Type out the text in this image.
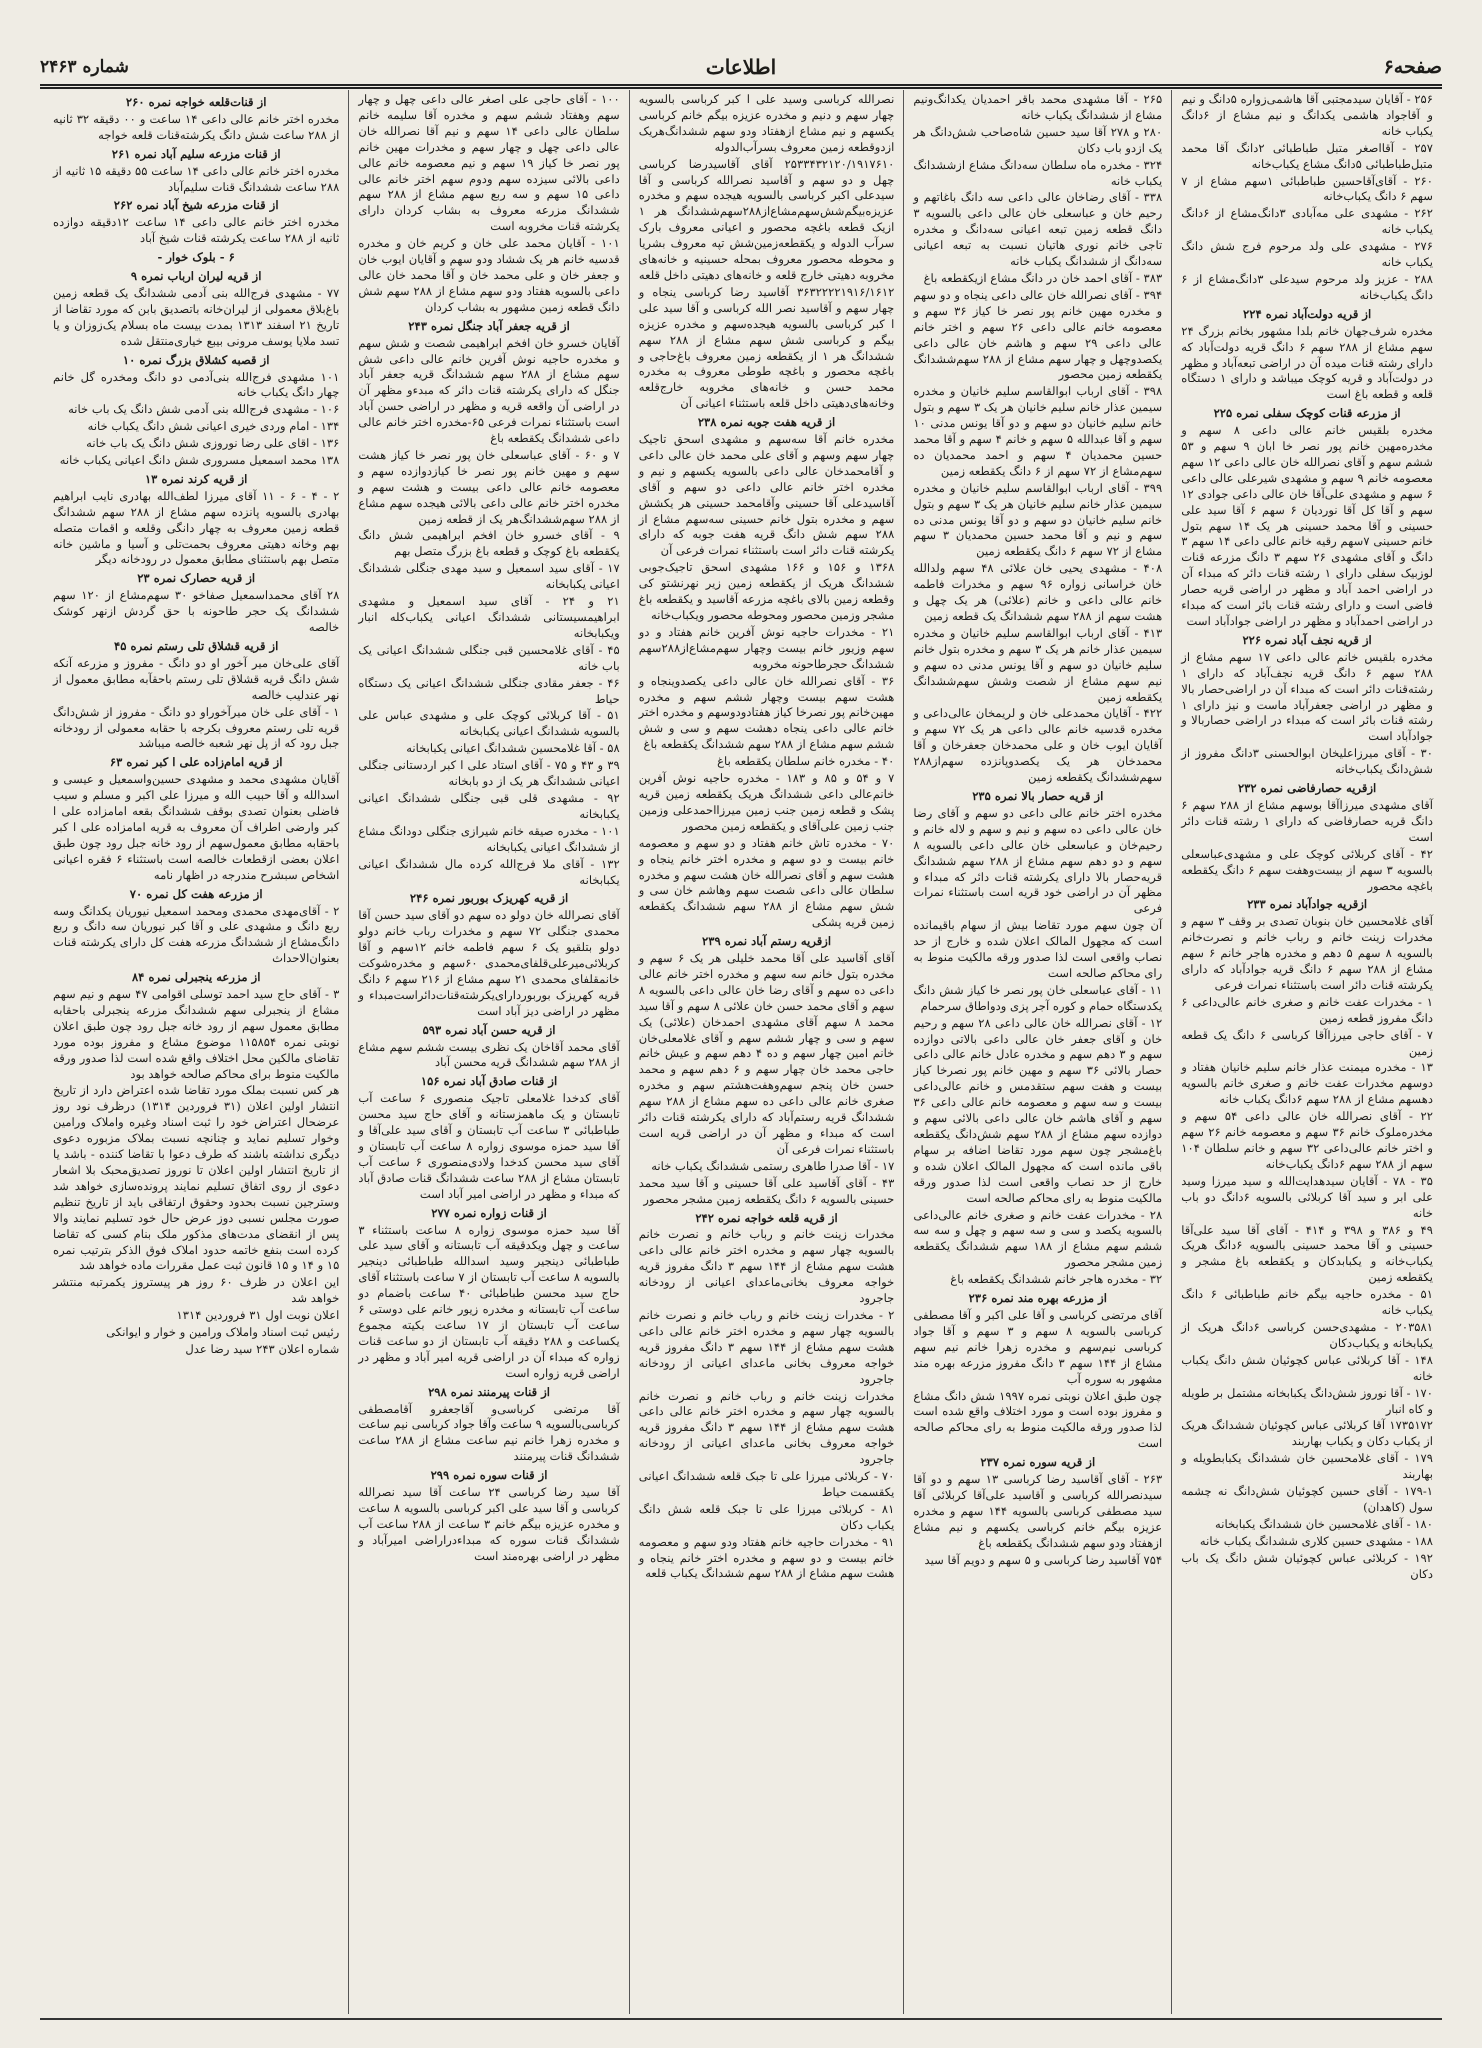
شماره ۲۴۶۳	اطلاعات	صفحه۶

۲۵۶ - آقایان سیدمجتبی آقا هاشمی‌زواره ۵دانگ و نیم و آقاجواد هاشمی یکدانگ و نیم مشاع از ۶دانگ یکباب خانه

۲۵۷ - آقااصغر متبل طباطبائی ۲دانگ آقا محمد متبل‌طباطبائی ۵دانگ مشاع یکباب‌خانه

۲۶۰ - آقای‌آقاحسین طباطبائی ۱سهم مشاع از ۷ سهم ۶ دانگ یکباب‌خانه

۲۶۲ - مشهدی علی مه‌آبادی ۳دانگ‌مشاع از ۶دانگ یکباب خانه

۲۷۶ - مشهدی علی ولد مرحوم فرج شش دانگ یکباب خانه

۲۸۸ - عزیز ولد مرحوم سیدعلی ۳دانگ‌مشاع از ۶ دانگ یکباب‌خانه

از قریه دولت‌آباد نمره ۲۲۴

مخدره شرف‌جهان خانم بلدا مشهور بخانم بزرگ ۲۴ سهم مشاع از ۲۸۸ سهم ۶ دانگ قریه دولت‌آباد که دارای رشته قنات میده آن در اراضی تبعه‌آباد و مظهر در دولت‌آباد و قریه کوچک میباشد و دارای ۱ دستگاه قلعه و قطعه باغ است

از مزرعه قنات کوچک سفلی نمره ۲۲۵

مخدره بلقیس خانم عالی داعی ۸ سهم و مخدره‌مهین خانم پور نصر خا ابان ۹ سهم و ۵۳ ششم سهم و آقای نصرالله خان عالی داعی ۱۲ سهم معصومه خانم ۹ سهم و مشهدی شیرعلی عالی داعی ۶ سهم و مشهدی علی‌آقا خان عالی داعی جوادی ۱۲ سهم و آقا کل آقا نوردیان ۶ سهم ۶ آقا سید علی حسینی و آقا محمد حسینی هر یک ۱۴ سهم بتول خانم حسینی ۷سهم رقیه خانم عالی داعی ۱۴ سهم ۳ دانگ و آقای مشهدی ۲۶ سهم ۳ دانگ مزرعه قنات لوزبیک سفلی دارای ۱ رشته قنات دائر که مبداء آن در اراضی احمد آباد و مظهر در اراضی قریه حصار فاضی است و دارای رشته قنات بائر است که مبداء در اراضی احمدآباد و مظهر در اراضی جوادآباد است

از قریه نجف آباد نمره ۲۲۶

مخدره بلقیس خانم عالی داعی ۱۷ سهم مشاع از ۲۸۸ سهم ۶ دانگ قریه نجف‌آباد که دارای ۱ رشته‌قنات دائر است که مبداء آن در اراضی‌حصار بالا و مظهر در اراضی جعفرآباد ماست و نیز دارای ۱ رشته قنات بائر است که مبداء در اراضی حصاربالا و جوادآباد است

۳۰ - آقای میرزاعلیخان ابوالحسنی ۳دانگ مفروز از شش‌دانگ یکباب‌خانه

ازقریه حصارفاضی نمره ۲۳۲

آقای مشهدی میرزاآقا بوسهم مشاع از ۲۸۸ سهم ۶ دانگ قریه حصارفاضی که دارای ۱ رشته قنات دائر است

۴۲ - آقای کربلائی کوچک علی و مشهدی‌عباسعلی بالسویه ۳ سهم از بیست‌وهفت سهم ۶ دانگ یکقطعه باغچه محصور

ازقریه جوادآباد نمره ۲۳۳

آقای غلامحسین خان بنوبان تصدی بر وقف ۳ سهم و مخدرات زینت خانم و رباب خانم و نصرت‌خانم بالسویه ۸ سهم ۵ دهم و مخدره هاجر خانم ۶ سهم مشاع از ۲۸۸ سهم ۶ دانگ قریه جوادآباد که دارای یکرشته قنات دائر است باستثناء نمرات فرعی

۱ - مخدرات عفت خانم و صغری خانم عالی‌داعی ۶ دانگ مفروز قطعه زمین

۷ - آقای حاجی میرزاآقا کرباسی ۶ دانگ یک قطعه زمین

۱۳ - مخدره میمنت عذار خانم سلیم خانیان هفتاد و دوسهم مخدرات عفت خانم و صغری خانم بالسویه دهسهم مشاع از ۲۸۸ سهم ۶دانگ یکباب خانه

۲۲ - آقای نصرالله خان عالی داعی ۵۴ سهم و مخدره‌ملوک خانم ۳۶ سهم و معصومه خانم ۲۶ سهم و اختر خانم عالی‌داعی ۳۲ سهم و خانم سلطان ۱۰۴ سهم از ۲۸۸ سهم ۶دانگ یکباب‌خانه

۳۵ - ۷۸ - آقایان سیدهدایت‌الله و سید میرزا وسید علی ابر و سید آقا کربلائی بالسویه ۶دانگ دو باب خانه

۴۹ و ۳۸۶ و ۳۹۸ و ۴۱۴ - آقای آقا سید علی‌آقا حسینی و آقا محمد حسینی بالسویه ۶دانگ هریک یکباب‌خانه و یکبابدکان و یکقطعه باغ مشجر و یکقطعه زمین

۵۱ - مخدره حاجیه بیگم خانم طباطبائی ۶ دانگ یکباب خانه

۲۰۳۵۸۱ - مشهدی‌حسن کرباسی ۶دانگ هریک از یکبابخانه و یکباب‌دکان

۱۴۸ - آقا کربلائی عباس کچوئیان شش دانگ یکباب خانه

۱۷۰ - آقا نوروز شش‌دانگ یکبابخانه مشتمل بر طویله و کاه انبار

۱۷۳۵۱۷۲ آقا کربلائی عباس کچوئیان ششدانگ هریک از یکباب دکان و یکباب بهاربند

۱۷۹ - آقای غلامحسین خان ششدانگ یکبابطویله و بهاربند

۱۷۹-۱ - آقای حسین کچوئیان شش‌دانگ نه چشمه سول (کاهدان)

۱۸۰ - آقای غلامحسین خان ششدانگ یکبابخانه

۱۸۸ - مشهدی حسین کلاری ششدانگ یکباب خانه

۱۹۲ - کربلائی عباس کچوئیان شش دانگ یک باب دکان

۲۶۵ - آقا مشهدی محمد باقر احمدیان یکدانگ‌ونیم مشاع از ششدانگ یکباب خانه

۲۸۰ و ۲۷۸ آقا سید حسین شاه‌صاحب شش‌دانگ هر یک ازدو باب دکان

۳۲۴ - مخدره ماه سلطان سه‌دانگ مشاع ازششدانگ یکباب خانه

۳۳۸ - آقای رضاخان عالی داعی سه دانگ باغاتهم و رحیم خان و عباسعلی خان عالی داعی بالسویه ۳ دانگ قطعه زمین تبعه اعیانی سه‌دانگ و مخدره تاجی خانم نوری هاتیان نسبت به تبعه اعیانی سه‌دانگ از ششدانگ یکباب خانه

۳۸۳ - آقای احمد خان در دانگ مشاع ازیکقطعه باغ

۳۹۴ - آقای نصرالله خان عالی داعی ینجاه و دو سهم و مخدره مهین خانم پور نصر خا کیاز ۳۶ سهم و معصومه خانم عالی داعی ۲۶ سهم و اختر خانم عالی داعی ۲۹ سهم و هاشم خان عالی داعی یکصدوچهل و چهار سهم مشاع از ۲۸۸ سهم‌ششدانگ یکقطعه زمین محصور

۳۹۸ - آقای ارباب ابوالقاسم سلیم خانیان و مخدره سیمین عذار خانم سلیم خانیان هر یک ۳ سهم و بتول خانم سلیم خانیان دو سهم و دو آقا یونس مدنی ۱۰ سهم و آقا عبدالله ۵ سهم و خانم ۴ سهم و آقا محمد حسین محمدیان ۴ سهم و احمد محمدیان ده سهم‌مشاع از ۷۲ سهم از ۶ دانگ یکقطعه زمین

۳۹۹ - آقای ارباب ابوالقاسم سلیم خانیان و مخدره سیمین عذار خانم سلیم خانیان هر یک ۳ سهم و بتول خانم سلیم خانیان دو سهم و دو آقا یونس مدنی ده سهم و نیم و آقا محمد حسین محمدیان ۳ سهم مشاع از ۷۲ سهم ۶ دانگ یکقطعه زمین

۴۰۸ - مشهدی یحیی خان علائی ۴۸ سهم ولدالله خان خراسانی زواره ۹۶ سهم و مخدرات فاطمه خانم عالی داعی و خانم (علائی) هر یک چهل و هشت سهم از ۲۸۸ سهم ششدانگ یک قطعه زمین

۴۱۳ - آقای ارباب ابوالقاسم سلیم خانیان و مخدره سیمین عذار خانم هر یک ۳ سهم و مخدره بتول خانم سلیم خانیان دو سهم و آقا یونس مدنی ده سهم و نیم سهم مشاع از شصت وشش سهم‌ششدانگ یکقطعه زمین

۴۲۲ - آقایان محمدعلی خان و لریمخان عالی‌داعی و مخدره قدسیه خانم عالی داعی هر یک ۷۲ سهم و آقایان ایوب خان و علی محمدخان جعفرخان و آقا محمدخان هر یک یکصدوپانزده سهم‌از۲۸۸ سهم‌ششدانگ یکقطعه زمین

از قریه حصار بالا نمره ۲۳۵

مخدره اختر خانم عالی داعی دو سهم و آقای رضا خان عالی داعی ده سهم و نیم و سهم و لاله خانم و رحیم‌خان و عباسعلی خان عالی داعی بالسویه ۸ سهم و دو دهم سهم مشاع از ۲۸۸ سهم ششدانگ قریه‌حصار بالا دارای یکرشته قنات دائر که مبداء و مظهر آن در اراضی خود قریه است باستثناء نمرات فرعی

آن چون سهم مورد تقاضا بیش از سهام باقیمانده است که مجهول المالک اعلان شده و خارج از حد نصاب واقعی است لذا صدور ورقه مالکیت منوط به رای محاکم صالحه است

۱۱ - آقای عباسعلی خان پور نصر خا کیاز شش دانگ یکدستگاه حمام و کوره آجر پزی ودواطاق سرحمام

۱۲ - آقای نصرالله خان عالی داعی ۲۸ سهم و رحیم خان و آقای جعفر خان عالی داعی بالاتی دوازده سهم و ۳ دهم سهم و مخدره عادل خانم عالی داعی حصار بالائی ۳۶ سهم و مهین خانم پور نصرخا کیاز بیست و هفت سهم ستقدمس و خانم عالی‌داعی بیست و سه سهم و معصومه خانم عالی داعی ۳۶ سهم و آقای هاشم خان عالی داعی بالائی سهم و دوازده سهم مشاع از ۲۸۸ سهم شش‌دانگ یکقطعه باغ‌مشجر چون سهم مورد تقاضا اضافه بر سهام باقی مانده است که مجهول المالک اعلان شده و خارج از حد نصاب واقعی است لذا صدور ورقه مالکیت منوط به رای محاکم صالحه است

۲۸ - مخدرات عفت خانم و صغری خانم عالی‌داعی بالسویه یکصد و سی و سه سهم و چهل و سه سه ششم سهم مشاع از ۱۸۸ سهم ششدانگ یکقطعه زمین مشجر محصور

۳۲ - مخدره هاجر خانم ششدانگ یکقطعه باغ

از مزرعه بهره مند نمره ۲۳۶

آقای مرتضی کرباسی و آقا علی اکبر و آقا مصطفی کرباسی بالسویه ۸ سهم و ۳ سهم و آقا جواد کرباسی نیم‌سهم و مخدره زهرا خانم نیم سهم مشاع از ۱۴۴ سهم ۳ دانگ مفروز مزرعه بهره مند مشهور به سوره آب

چون طبق اعلان نوبتی نمره ۱۹۹۷ شش دانگ مشاع و مفروز بوده است و مورد اختلاف واقع شده است لذا صدور ورقه مالکیت منوط به رای محاکم صالحه است

از قریه سوره نمره ۲۳۷

۲۶۳ - آقای آقاسید رضا کرباسی ۱۳ سهم و دو آقا سیدنصرالله کرباسی و آقاسید علی‌آقا کربلائی آقا سید مصطفی کرباسی بالسویه ۱۴۴ سهم و مخدره عزیزه بیگم خانم کرباسی یکسهم و نیم مشاع ازهفتاد ودو سهم ششدانگ یکقطعه باغ

۷۵۴ آقاسید رضا کرباسی و ۵ سهم و دویم آقا سید

نصرالله کرباسی وسید علی ا کبر کرباسی بالسویه چهار سهم و دنیم و مخدره عزیزه بیگم خانم کرباسی یکسهم و نیم مشاع ازهفتاد ودو سهم ششدانگ‌هریک ازدوقطعه زمین معروف بسرآب‌الدوله

۲۵۳۳۴۳۲۱۲۰/۱۹۱۷۶۱۰ آقای آقاسیدرضا کرباسی چهل و دو سهم و آقاسید نصرالله کرباسی و آقا سیدعلی اکبر کرباسی بالسویه هیجده سهم و مخدره عزیزه‌بیگم‌شش‌سهم‌مشاع‌از۲۸۸سهم‌ششدانگ هر ۱ ازیک قطعه باغچه محصور و اعیانی معروف بارک سرآب الدوله و یکقطعه‌زمین‌شش‌ تپه معروف بشریا و محوطه محصور معروف بمحله حسینیه و خانه‌های مخروبه دهیتی خارج قلعه و خانه‌های دهیتی داخل قلعه

۳۶۳۲۲۲۲۱۹۱۶/۱۶۱۲ آقاسید رضا کرباسی ینجاه و چهار سهم و آقاسید نصر الله کرباسی و آقا سید علی ا کبر کرباسی بالسویه هیجده‌سهم و مخدره عزیزه بیگم و کرباسی شش سهم مشاع از ۲۸۸ سهم ششدانگ هر ۱ از یکقطعه زمین معروف باغ‌حاجی و باغچه محصور و باغچه طوطی معروف به مخدره محمد حسن و خانه‌های مخروبه خارج‌قلعه وخانه‌های‌دهیتی داخل قلعه باستثناء اعیانی آن

از قریه هفت جوبه نمره ۲۳۸

مخدره خانم آقا سه‌سهم و مشهدی اسحق تاجیک چهار سهم وسهم و آقای علی محمد خان عالی داعی و آقامحمدخان عالی داعی بالسویه یکسهم و نیم و مخدره اختر خانم عالی داعی دو سهم و آقای آقاسیدعلی آقا حسینی وآقامحمد حسینی هر یکشش سهم و مخدره بتول خانم حسینی سه‌سهم مشاع از ۲۸۸ سهم شش دانگ قریه هفت جوبه که دارای یکرشته قنات دائر است باستثناء نمرات فرعی آن

۱۳۶۸ و ۱۵۶ و ۱۶۶ مشهدی اسحق تاجیک‌جوبی ششدانگ هریک از یکقطعه زمین زیر نهرنشتو کی وقطعه زمین بالای باغچه مزرعه آقاسید و یکقطعه باغ مشجر وزمین محصور ومحوطه محصور ویکباب‌خانه

۲۱ - مخدرات حاجیه نوش آفرین خانم هفتاد و دو سهم وزیور خانم بیست وچهار سهم‌مشاع‌از۲۸۸سهم ششدانگ حجرطاحونه مخروبه

۳۶ - آقای نصرالله خان عالی داعی یکصدوینجاه و هشت سهم بیست وچهار ششم سهم و مخدره مهین‌خانم پور نصرخا کیاز هفتادودوسهم و مخدره اختر خانم عالی داعی ینجاه دهشت سهم و سی و شش ششم سهم مشاع از ۲۸۸ سهم ششدانگ یکقطعه باغ

۴۰ - مخدره خانم سلطان یکقطعه باغ

۷ و ۵۴ و ۸۵ و ۱۸۳ - مخدره حاجیه نوش آفرین خانم‌عالی داعی ششدانگ هریک یکقطعه زمین قریه پشک و قطعه زمین جنب زمین میرزااحمدعلی وزمین جنب زمین علی‌آقای و یکقطعه زمین محصور

۷۰ - مخدره تاش خانم هفتاد و دو سهم و معصومه خانم بیست و دو سهم و مخدره اختر خانم ینجاه و هشت سهم و آقای نصرالله خان هشت سهم و مخدره سلطان عالی داعی شصت سهم وهاشم خان سی و شش سهم مشاع از ۲۸۸ سهم ششدانگ یکقطعه زمین قریه پشکی

ازقریه رستم آباد نمره ۲۳۹

آقای آقاسید علی آقا محمد خلیلی هر یک ۶ سهم و مخدره بتول خانم سه سهم و مخدره اختر خانم عالی داعی ده سهم و آقای رضا خان عالی داعی بالسویه ۸ سهم و آقای محمد حسن خان علائی ۸ سهم و آقا سید محمد ۸ سهم آقای مشهدی احمدخان (علائی) یک سهم و سی و چهار ششم سهم و آقای غلامعلی‌خان خانم امین چهار سهم و ده ۴ دهم سهم و عیش خانم حاجی محمد خان چهار سهم و ۶ دهم سهم و محمد حسن خان پنجم سهم‌وهفت‌هشتم سهم و مخدره صغری خانم عالی داعی ده سهم مشاع از ۲۸۸ سهم ششدانگ قریه رستم‌آباد که دارای یکرشته قنات دائر است که مبداء و مظهر آن در اراضی قریه است باستثناء نمرات فرعی آن

۱۷ - آقا صدرا طاهری رستمی ششدانگ یکباب خانه

۴۳ - آقای آقاسید علی آقا حسینی و آقا سید محمد حسینی بالسویه ۶ دانگ یکقطعه زمین مشجر محصور

از قریه قلعه خواجه نمره ۲۴۲

مخدرات زینت خانم و رباب خانم و نصرت خانم بالسویه چهار سهم و مخدره اختر خانم عالی داعی هشت سهم مشاع از ۱۴۴ سهم ۳ دانگ مفروز قریه خواجه معروف بخانی‌ماعدای اعیانی از رودخانه جاجرود

۲ - مخدرات زینت خانم و رباب خانم و نصرت خانم بالسویه چهار سهم و مخدره اختر خانم عالی داعی هشت سهم مشاع از ۱۴۴ سهم ۳ دانگ مفروز قریه خواجه معروف بخانی ماعدای اعیانی از رودخانه جاجرود

مخدرات زینت خانم و رباب خانم و نصرت خانم بالسویه چهار سهم و مخدره اختر خانم عالی داعی هشت سهم مشاع از ۱۴۴ سهم ۳ دانگ مفروز قریه خواجه معروف بخانی ماعدای اعیانی از رودخانه جاجرود

۷۰ - کربلائی میرزا علی تا جبک قلعه ششدانگ اعیانی یکقسمت حیاط

۸۱ - کربلائی میرزا علی تا جبک قلعه شش دانگ یکباب دکان

۹۱ - مخدرات حاجیه خانم هفتاد ودو سهم و معصومه خانم بیست و دو سهم و مخدره اختر خانم ینجاه و هشت سهم مشاع از ۲۸۸ سهم ششدانگ یکباب قلعه

۱۰۰ - آقای حاجی علی اصغر عالی داعی چهل و چهار سهم وهفتاد ششم سهم و مخدره آقا سلیمه خانم سلطان عالی داعی ۱۴ سهم و نیم آقا نصرالله خان عالی داعی چهل و چهار سهم و مخدرات مهین خانم پور نصر خا کیاز ۱۹ سهم و نیم معصومه خانم عالی داعی بالائی سیزده سهم ودوم سهم اختر خانم عالی داعی ۱۵ سهم و سه ربع سهم مشاع از ۲۸۸ سهم ششدانگ مزرعه معروف به بشاب کردان دارای یکرشته قنات مخروبه است

۱۰۱ - آقایان محمد علی خان و کریم خان و مخدره قدسیه خانم هر یک ششاد ودو سهم و آقایان ایوب خان و جعفر خان و علی محمد خان و آقا محمد خان عالی داعی بالسویه هفتاد ودو سهم مشاع از ۲۸۸ سهم شش دانگ قطعه زمین مشهور به بشاب کردان

از قریه جعفر آباد جنگل نمره ۲۴۳

آقایان خسرو خان افخم ابراهیمی شصت و شش سهم و مخدره حاجیه نوش آفرین خانم عالی داعی شش سهم مشاع از ۲۸۸ سهم ششدانگ قریه جعفر آباد جنگل که دارای یکرشته قنات دائر که مبدءو مظهر آن در اراضی آن واقعه قریه و مظهر در اراضی حسن آباد است باستثناء نمرات فرعی ۶۵-مخدره اختر خانم عالی داعی ششدانگ یکقطعه باغ

۷ و ۶۰ - آقای عباسعلی خان پور نصر خا کیاز هشت سهم و مهین خانم پور نصر خا کیازدوازده سهم و معصومه خانم عالی داعی بیست و هشت سهم و مخدره اختر خانم عالی داعی بالائی هیجده سهم مشاع از ۲۸۸ سهم‌ششدانگ‌هر یک از قطعه زمین

۹ - آقای خسرو خان افخم ابراهیمی شش دانگ یکقطعه باغ کوچک و قطعه باغ بزرگ متصل بهم

۱۷ - آقای سید اسمعیل و سید مهدی جنگلی ششدانگ اعیانی یکبابخانه

۲۱ و ۲۴ - آقای سید اسمعیل و مشهدی ابراهیمسیستانی ششدانگ اعیانی یکباب‌کله انبار ویکبابخانه

۴۵ - آقای غلامحسین قبی جنگلی ششدانگ اعیانی یک باب خانه

۴۶ - جعفر مقادی جنگلی ششدانگ اعیانی یک دستگاه حیاط

۵۱ - آقا کربلائی کوچک علی و مشهدی عباس علی بالسویه ششدانگ اعیانی یکبابخانه

۵۸ - آقا غلامحسین ششدانگ اعیانی یکبابخانه

۳۹ و ۴۳ و ۷۵ - آقای استاد علی ا کبر اردستانی جنگلی اعیانی ششدانگ هر یک از دو بابخانه

۹۲ - مشهدی قلی قبی جنگلی ششدانگ اعیانی یکبابخانه

۱۰۱ - مخدره صیقه خانم شیرازی جنگلی دودانگ مشاع از ششدانگ اعیانی یکبابخانه

۱۳۲ - آقای ملا فرج‌الله کرده مال ششدانگ اعیانی یکبابخانه

از قریه کهریزک بوربور نمره ۲۴۶

آقای نصرالله خان دولو ده سهم دو آقای سید حسن آقا محمدی جنگلی ۷۲ سهم و مخدرات رباب خانم دولو دولو بتلقیو یک ۶ سهم فاطمه خانم ۱۲سهم و آقا کربلائی‌میرعلی‌قلفای‌محمدی ۶۰سهم و مخدره‌شوکت خانمقلفای محمدی ۲۱ سهم مشاع از ۲۱۶ سهم ۶ دانگ قریه کهریزک بوربوردارای‌یکرشته‌قنات‌دائراست‌مبداء و مظهر در اراضی دیز آباد است

از قریه حسن آباد نمره ۵۹۳

آقای محمد آقاخان یک نظری بیست ششم سهم مشاع از ۲۸۸ سهم ششدانگ قریه محسن آباد

از قنات صادق آباد نمره ۱۵۶

آقای کدخدا غلامعلی تاجیک منصوری ۶ ساعت آب تابستان و یک ماهمزستانه و آقای حاج سید محسن طباطبائی ۳ ساعت آب تابستان و آقای سید علی‌آقا و آقا سید حمزه موسوی زواره ۸ ساعت آب تابستان و آقای سید محسن کدخدا ولادی‌منصوری ۶ ساعت آب تابستان مشاع از ۲۸۸ ساعت ششدانگ قنات صادق آباد که مبداء و مظهر در اراضی امیر آباد است

از قنات زواره نمره ۲۷۷

آقا سید حمزه موسوی زواره ۸ ساعت باستثناء ۳ ساعت و چهل ویکدقیقه آب تابستانه و آقای سید علی طباطبائی دینجیر وسید اسدالله طباطبائی دینجیر بالسویه ۸ ساعت آب تابستان از ۷ ساعت باستثناء آقای حاج سید محسن طباطبائی ۴۰ ساعت باضمام دو ساعت آب تابستانه و مخدره زیور خانم علی دوستی ۶ ساعت آب تابستان از ۱۷ ساعت بکیته مجموع یکساعت و ۲۸۸ دقیقه آب تابستان از دو ساعت قنات زواره که مبداء آن در اراضی قریه امیر آباد و مظهر در اراضی قریه زواره است

از قنات پیرمنند نمره ۲۹۸

آقا مرتضی کرباسی‌و آقاجعفرو آقامصطفی کرباسی‌بالسویه ۹ ساعت وآقا جواد کرباسی نیم ساعت و مخدره زهرا خانم نیم ساعت مشاع از ۲۸۸ ساعت ششدانگ قنات پیرمنند

از قنات سوره نمره ۲۹۹

آقا سید رضا کرباسی ۲۴ ساعت آقا سید نصرالله کرباسی و آقا سید علی اکبر کرباسی بالسویه ۸ ساعت و مخدره عزیزه بیگم خانم ۳ ساعت از ۲۸۸ ساعت آب ششدانگ قنات سوره که مبداءدراراضی امیرآباد و مظهر در اراضی بهره‌مند است

از قنات‌قلعه خواجه نمره ۲۶۰

مخدره اختر خانم عالی داعی ۱۴ ساعت و ۰۰ دقیقه ۳۲ ثانیه از ۲۸۸ ساعت شش دانگ یکرشته‌قنات قلعه خواجه

از قنات مزرعه سلیم آباد نمره ۲۶۱

مخدره اختر خانم عالی داعی ۱۴ ساعت ۵۵ دقیقه ۱۵ ثانیه از ۲۸۸ ساعت ششدانگ قنات سلیم‌آباد

از قنات مزرعه شیخ آباد نمره ۲۶۲

مخدره اختر خانم عالی داعی ۱۴ ساعت ۱۲دقیقه دوازده ثانیه از ۲۸۸ ساعت یکرشته قنات شیخ آباد

۶ - بلوک خوار -

از قریه لیران ارباب نمره ۹

۷۷ - مشهدی فرج‌الله بنی آدمی ششدانگ یک قطعه زمین باغ‌بلاق معمولی از لیران‌خانه باتصدیق بابن که مورد تقاضا از تاریخ ۲۱ اسفند ۱۳۱۳ بمدت بیست ماه بسلام یک‌زوزان و یا تسد ملایا یوسف مرونی بیبع خیاری‌منتقل شده

از قصبه کشلاق بزرگ نمره ۱۰

۱۰۱ مشهدی فرج‌الله بنی‌آدمی دو دانگ ومخدره گل خانم چهار دانگ یکباب خانه

۱۰۶ - مشهدی فرج‌الله بنی آدمی شش دانگ یک باب خانه

۱۳۴ - امام وردی خیری اعیانی شش دانگ یکباب خانه

۱۳۶ - اقای علی رضا نوروزی شش دانگ یک باب خانه

۱۳۸ محمد اسمعیل مسروری شش دانگ اعیانی یکباب خانه

از قریه کرند نمره ۱۳

۲ - ۴ - ۶ - ۱۱ آقای میرزا لطف‌الله بهادری نایب ابراهیم بهادری بالسویه پانزده سهم مشاع از ۲۸۸ سهم ششدانگ قطعه زمین معروف به چهار دانگی وقلعه و اقمات متصله بهم وخانه دهیتی معروف بحمت‌تلی و آسیا و ماشین خانه متصل بهم باستثنای مطابق معمول در رودخانه دیگر

از قریه حصارک نمره ۲۳

۲۸ آقای محمداسمعیل صفاخو ۳۰ سهم‌مشاع از ۱۲۰ سهم ششدانگ یک حجر طاحونه با حق گردش ازنهر کوشک خالصه

از قریه قشلاق تلی رستم نمره ۴۵

آقای علی‌خان میر آخور او دو دانگ - مفروز و مزرعه آنکه شش دانگ قریه قشلاق تلی رستم باحقآبه مطابق معمول از نهر عندلیب خالصه

۱ - آقای علی خان میرآخوراو دو دانگ - مفروز از شش‌دانگ قریه تلی رستم معروف بکرجه با حقابه معمولی از رودخانه جبل رود که از پل نهر شعبه خالصه میباشد

از قریه امام‌زاده علی ا کبر نمره ۶۳

آقایان مشهدی محمد و مشهدی حسین‌واسمعیل و عیسی و اسدالله و آقا حبیب الله و میرزا علی اکبر و مسلم و سیب فاضلی بعنوان تصدی بوقف ششدانگ بقعه امامزاده علی ا کبر وارضی اطراف آن معروف به قریه امامزاده علی ا کبر باحقابه مطابق معمول‌سهم از رود خانه جبل رود چون طبق اعلان بعضی ازقطعات خالصه است باستثناء ۶ فقره اعیانی اشخاص سبشرح مندرجه در اظهار نامه

از مزرعه هفت کل نمره ۷۰

۲ - آقای‌مهدی محمدی ومحمد اسمعیل نیوریان یکدانگ وسه ربع دانگ و مشهدی علی و آقا کبر نیوریان سه دانگ و ربع دانگ‌مشاع از ششدانگ مزرعه هفت کل دارای یکرشته قنات بعنوان‌الاحداث

از مزرعه ینجبرلی نمره ۸۴

۳ - آقای حاج سید احمد توسلی اقوامی ۴۷ سهم و نیم سهم مشاع از ینجبرلی سهم ششدانگ مزرعه ینجبرلی باحقابه مطابق معمول سهم از رود خانه جبل رود چون طبق اعلان نوبتی نمره ۱۱۵۸۵۴ موضوع مشاع و مفروز بوده مورد تقاضای مالکین محل اختلاف واقع شده است لذا صدور ورقه مالکیت منوط برای محاکم صالحه خواهد بود

هر کس نسبت بملک مورد تقاضا شده اعتراض دارد از تاریخ انتشار اولین اعلان (۳۱ فروردین ۱۳۱۴) درظرف نود روز عرضحال اعتراض خود را ثبت اسناد وغیره واملاک ورامین وخوار تسلیم نماید و چنانچه نسبت بملاک مزبوره دعوی دیگری نداشته باشند که طرف دعوا با تقاضا کننده - باشد یا از تاریخ انتشار اولین اعلان تا نوروز تصدیق‌محبک بلا اشعار دعوی از روی اتفاق تسلیم نمایند پرونده‌سازی خواهد شد وسترجین نسبت بحدود وحقوق ارتفاقی باید از تاریخ تنظیم صورت مجلس نسبی دوز عرض حال خود تسلیم نمایند والا پس از انقضای مدت‌های مذکور ملک بنام کسی که تقاضا کرده است بنفع خاتمه حدود املاک فوق الذکر بترتیب نمره ۱۵ و ۱۴ و ۱۵ قانون ثبت عمل مقررات ماده خواهد شد

این اعلان در ظرف ۶۰ روز هر پیستروز یکمرتبه منتشر خواهد شد

اعلان نوبت اول ۳۱ فروردین ۱۳۱۴

رئیس ثبت اسناد واملاک ورامین و خوار و ایوانکی

شماره اعلان ۲۴۳ سید رضا عدل
